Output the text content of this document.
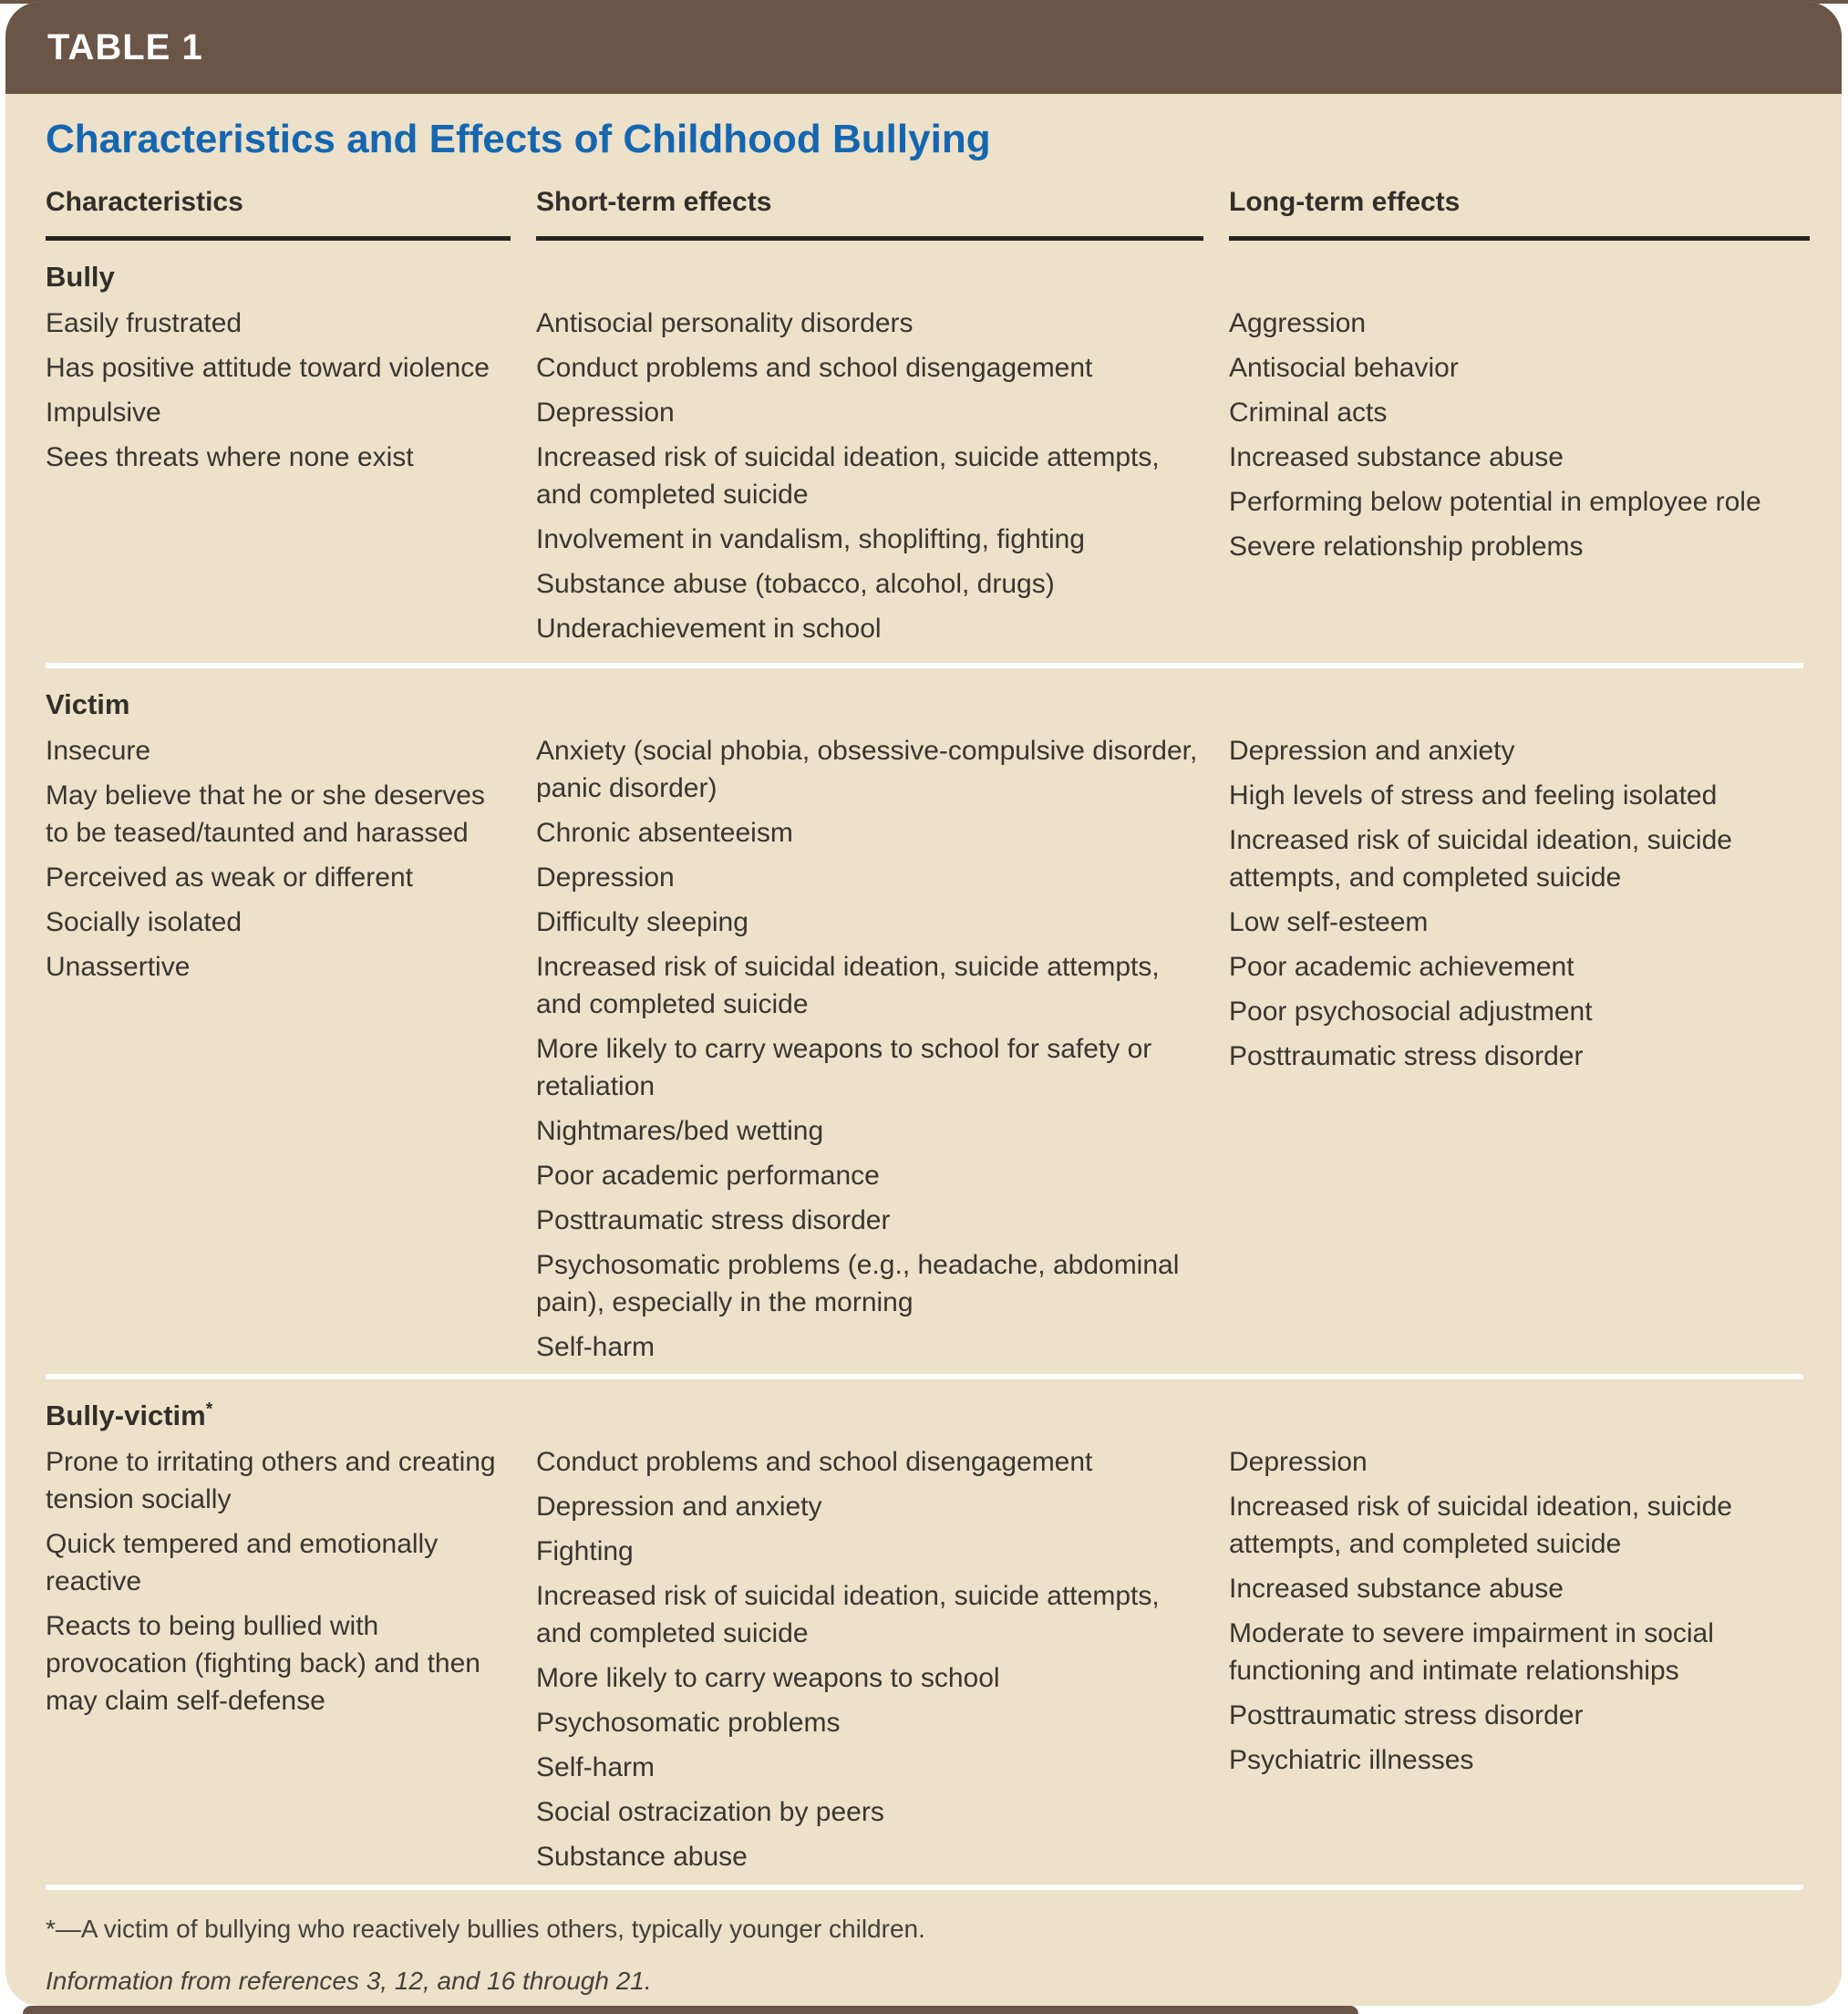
TABLE 1
Characteristics and Effects of Childhood Bullying
Characteristics	Short-term effects	Long-term effects
Bully

Easily frustrated

Has positive attitude toward violence

Impulsive

Sees threats where none exist

Antisocial personality disorders

Conduct problems and school disengagement

Depression

Increased risk of suicidal ideation, suicide attempts, and completed suicide

Involvement in vandalism, shoplifting, fighting

Substance abuse (tobacco, alcohol, drugs)

Underachievement in school

Aggression

Antisocial behavior

Criminal acts

Increased substance abuse

Performing below potential in employee role

Severe relationship problems

Victim

Insecure

May believe that he or she deserves to be teased/taunted and harassed

Perceived as weak or different

Socially isolated

Unassertive

Anxiety (social phobia, obsessive-compulsive disorder, panic disorder)

Chronic absenteeism

Depression

Difficulty sleeping

Increased risk of suicidal ideation, suicide attempts, and completed suicide

More likely to carry weapons to school for safety or retaliation

Nightmares/bed wetting

Poor academic performance

Posttraumatic stress disorder

Psychosomatic problems (e.g., headache, abdominal pain), especially in the morning

Self-harm

Depression and anxiety

High levels of stress and feeling isolated

Increased risk of suicidal ideation, suicide attempts, and completed suicide

Low self-esteem

Poor academic achievement

Poor psychosocial adjustment

Posttraumatic stress disorder

Bully-victim*

Prone to irritating others and creating tension socially

Quick tempered and emotionally reactive

Reacts to being bullied with provocation (fighting back) and then may claim self-defense

Conduct problems and school disengagement

Depression and anxiety

Fighting

Increased risk of suicidal ideation, suicide attempts, and completed suicide

More likely to carry weapons to school

Psychosomatic problems

Self-harm

Social ostracization by peers

Substance abuse

Depression

Increased risk of suicidal ideation, suicide attempts, and completed suicide

Increased substance abuse

Moderate to severe impairment in social functioning and intimate relationships

Posttraumatic stress disorder

Psychiatric illnesses

*—A victim of bullying who reactively bullies others, typically younger children.

Information from references 3, 12, and 16 through 21.
